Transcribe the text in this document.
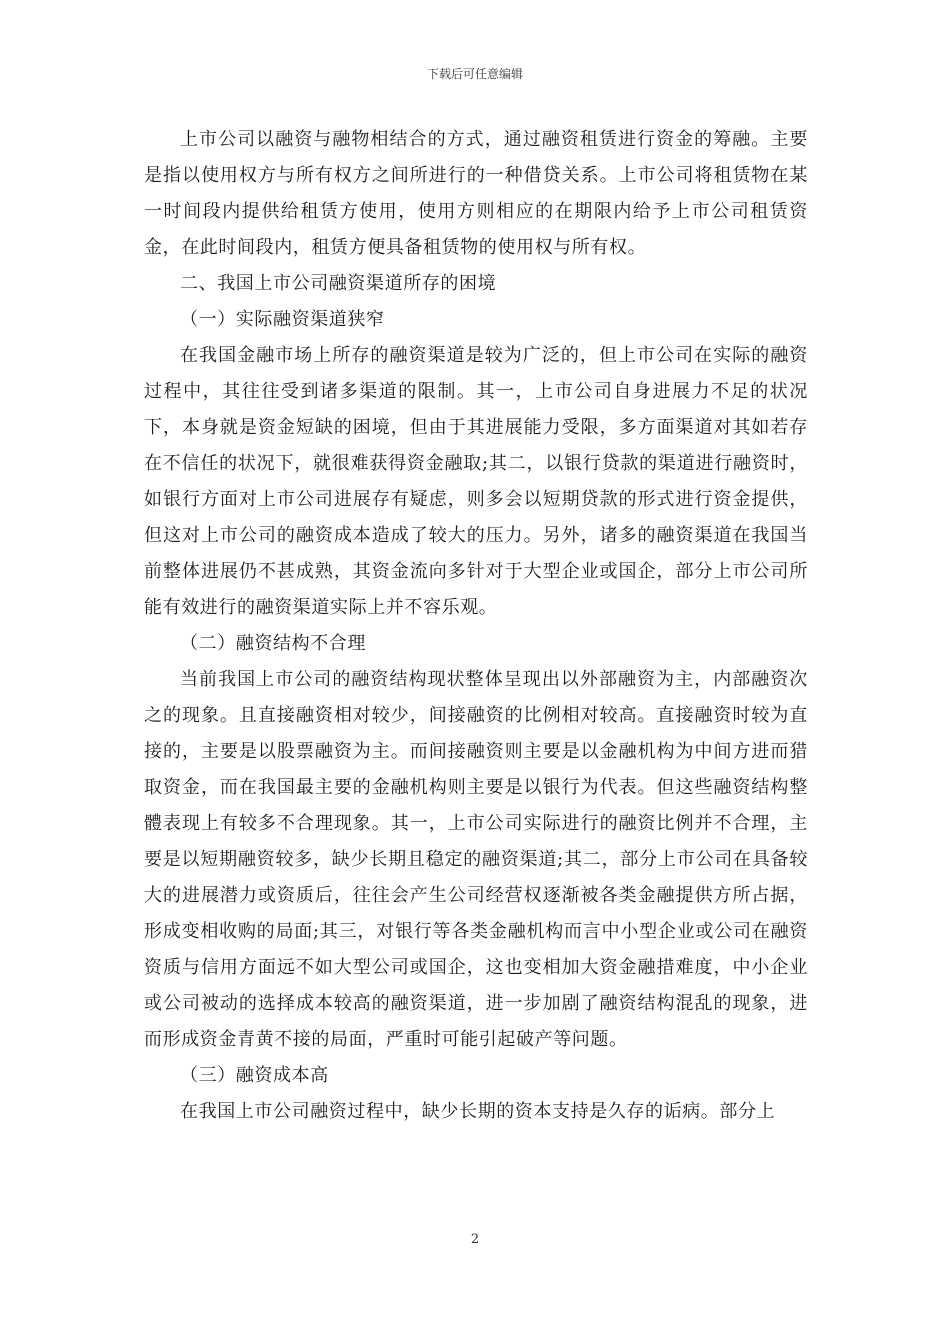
下载后可任意编辑

上市公司以融资与融物相结合的方式，通过融资租赁进行资金的筹融。主要是指以使用权方与所有权方之间所进行的一种借贷关系。上市公司将租赁物在某一时间段内提供给租赁方使用，使用方则相应的在期限内给予上市公司租赁资金，在此时间段内，租赁方便具备租赁物的使用权与所有权。

二、我国上市公司融资渠道所存的困境

（一）实际融资渠道狭窄

在我国金融市场上所存的融资渠道是较为广泛的，但上市公司在实际的融资过程中，其往往受到诸多渠道的限制。其一，上市公司自身进展力不足的状况下，本身就是资金短缺的困境，但由于其进展能力受限，多方面渠道对其如若存在不信任的状况下，就很难获得资金融取;其二，以银行贷款的渠道进行融资时，如银行方面对上市公司进展存有疑虑，则多会以短期贷款的形式进行资金提供，但这对上市公司的融资成本造成了较大的压力。另外，诸多的融资渠道在我国当前整体进展仍不甚成熟，其资金流向多针对于大型企业或国企，部分上市公司所能有效进行的融资渠道实际上并不容乐观。

（二）融资结构不合理

当前我国上市公司的融资结构现状整体呈现出以外部融资为主，内部融资次之的现象。且直接融资相对较少，间接融资的比例相对较高。直接融资时较为直接的，主要是以股票融资为主。而间接融资则主要是以金融机构为中间方进而猎取资金，而在我国最主要的金融机构则主要是以银行为代表。但这些融资结构整體表现上有较多不合理现象。其一，上市公司实际进行的融资比例并不合理，主要是以短期融资较多，缺少长期且稳定的融资渠道;其二，部分上市公司在具备较大的进展潜力或资质后，往往会产生公司经营权逐渐被各类金融提供方所占据，形成变相收购的局面;其三，对银行等各类金融机构而言中小型企业或公司在融资资质与信用方面远不如大型公司或国企，这也变相加大资金融措难度，中小企业或公司被动的选择成本较高的融资渠道，进一步加剧了融资结构混乱的现象，进而形成资金青黄不接的局面，严重时可能引起破产等问题。

（三）融资成本高

在我国上市公司融资过程中，缺少长期的资本支持是久存的诟病。部分上

2
